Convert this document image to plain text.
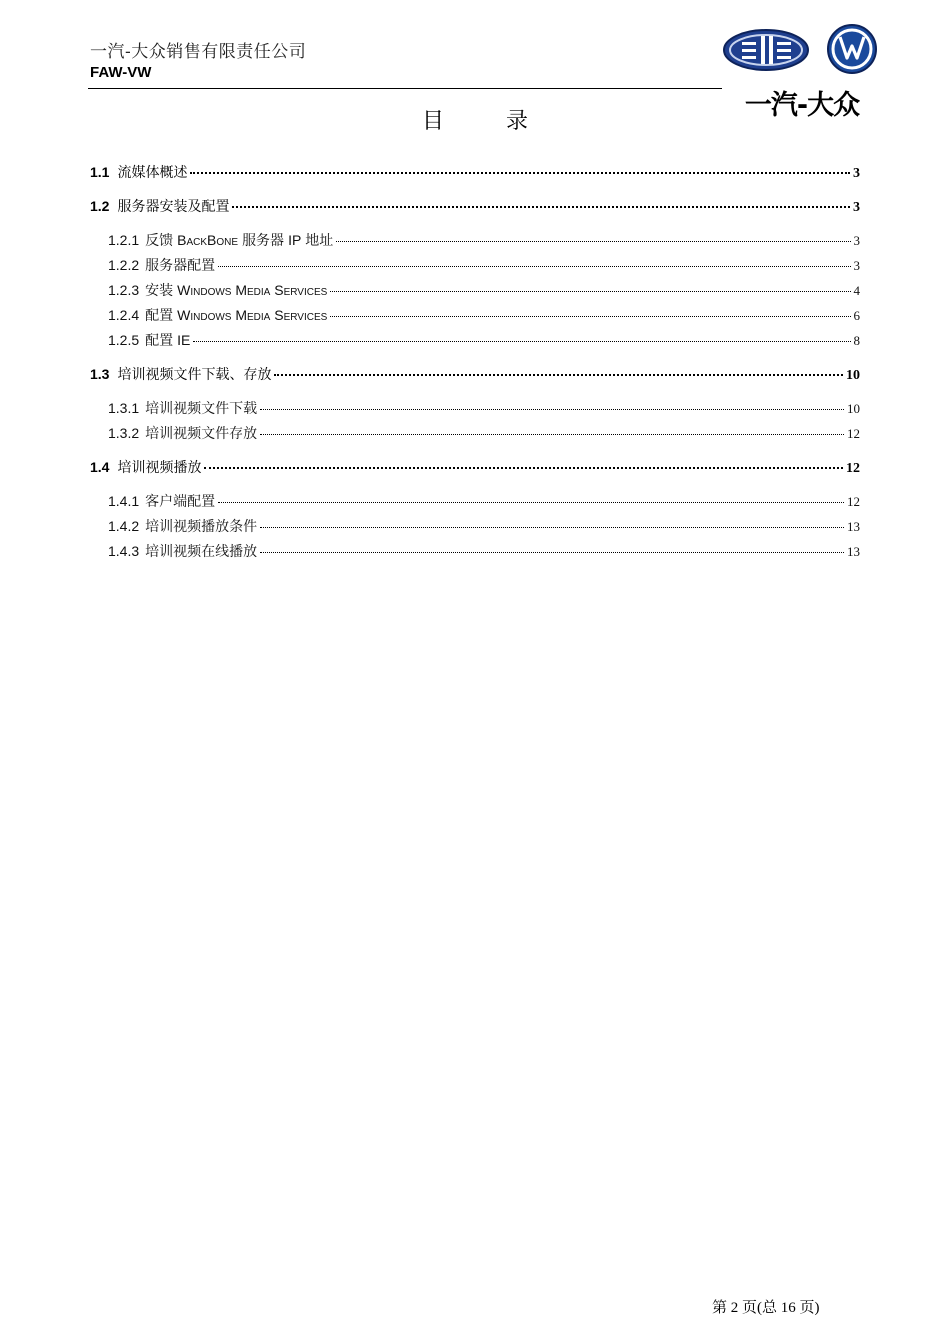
一汽-大众销售有限责任公司
FAW-VW
一汽-大众
目	录
1.1 流媒体概述	3
1.2 服务器安装及配置	3
1.2.1 反馈 BackBone 服务器 IP 地址	3
1.2.2 服务器配置	3
1.2.3 安装 Windows Media Services	4
1.2.4 配置 Windows Media Services	6
1.2.5 配置 IE	8
1.3 培训视频文件下载、存放	10
1.3.1 培训视频文件下载	10
1.3.2 培训视频文件存放	12
1.4 培训视频播放	12
1.4.1 客户端配置	12
1.4.2 培训视频播放条件	13
1.4.3 培训视频在线播放	13
第 2 页(总 16 页)
